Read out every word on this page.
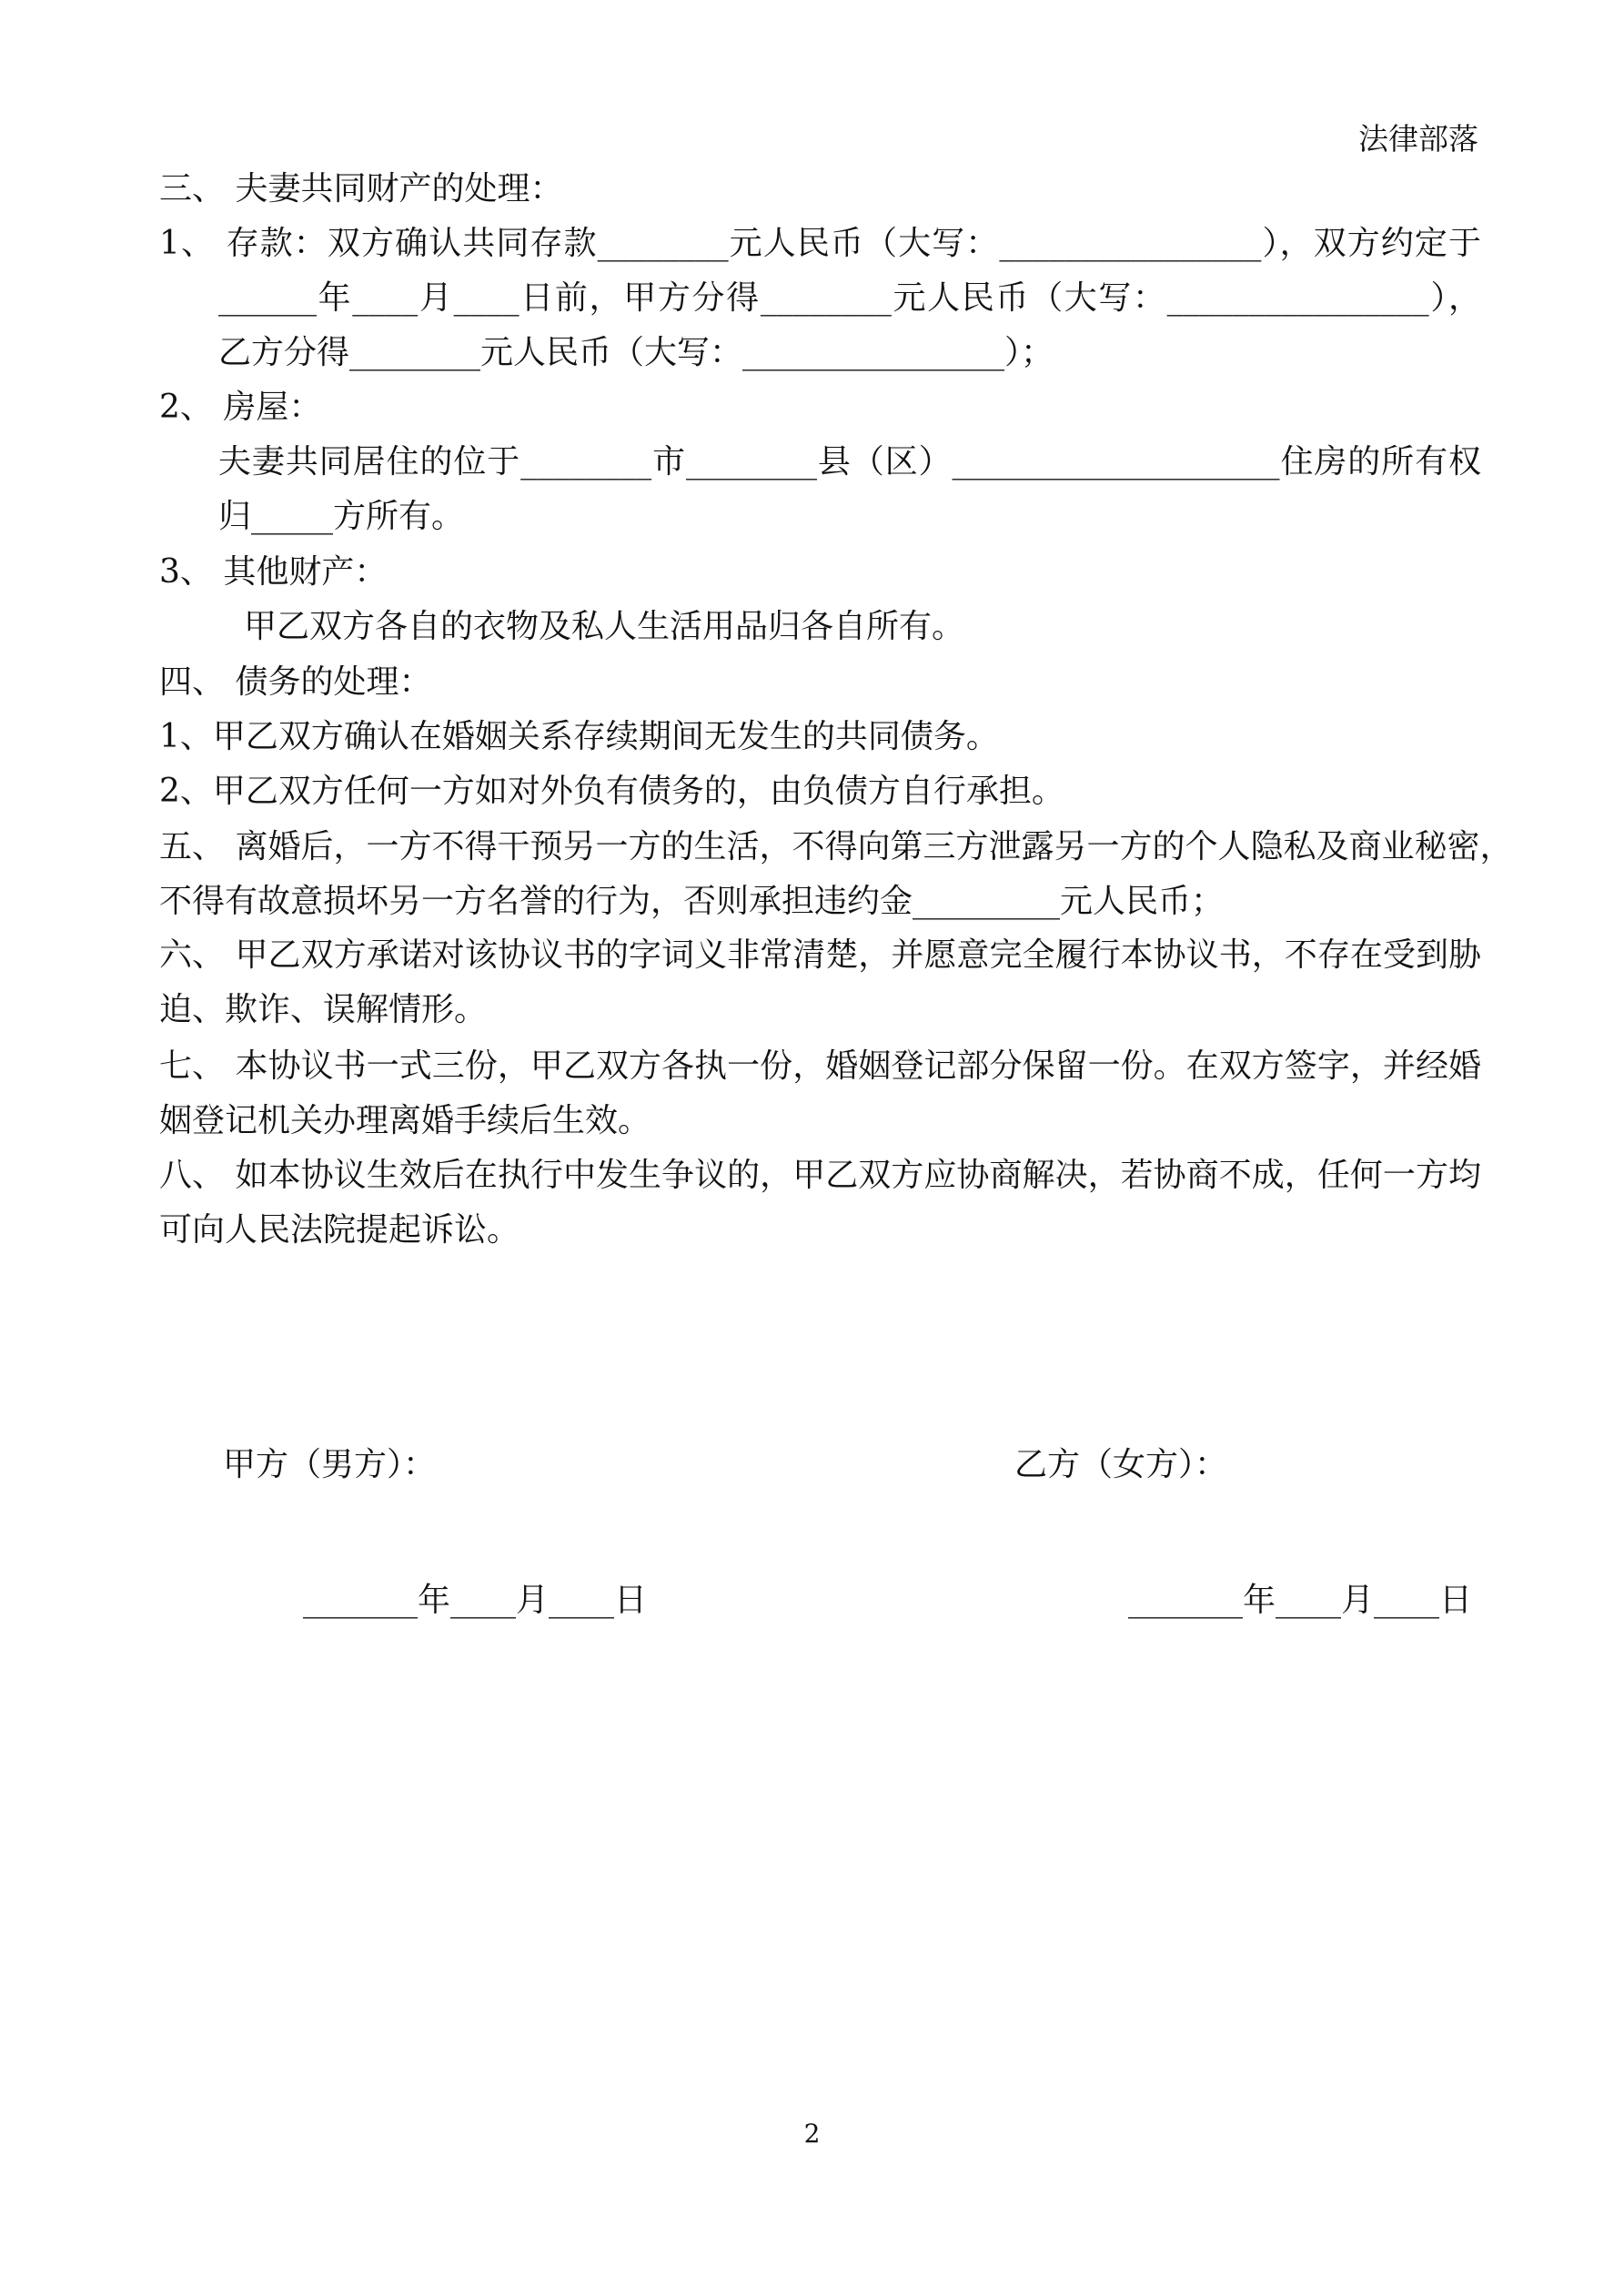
法律部落
三、 夫妻共同财产的处理：
1、 存款：双方确认共同存款________元人民币（大写：________________），双方约定于
______年____月____日前，甲方分得________元人民币（大写：________________），
乙方分得________元人民币（大写：________________）；
2、 房屋：
夫妻共同居住的位于________市________县（区）____________________住房的所有权
归_____方所有。
3、 其他财产：
甲乙双方各自的衣物及私人生活用品归各自所有。
四、 债务的处理：
1、甲乙双方确认在婚姻关系存续期间无发生的共同债务。
2、甲乙双方任何一方如对外负有债务的，由负债方自行承担。
五、 离婚后，一方不得干预另一方的生活，不得向第三方泄露另一方的个人隐私及商业秘密，
不得有故意损坏另一方名誉的行为，否则承担违约金_________元人民币；
六、 甲乙双方承诺对该协议书的字词义非常清楚，并愿意完全履行本协议书，不存在受到胁
迫、欺诈、误解情形。
七、 本协议书一式三份，甲乙双方各执一份，婚姻登记部分保留一份。在双方签字，并经婚
姻登记机关办理离婚手续后生效。
八、 如本协议生效后在执行中发生争议的，甲乙双方应协商解决，若协商不成，任何一方均
可向人民法院提起诉讼。
甲方（男方）：	乙方（女方）：
_______年____月____日	_______年____月____日
2
